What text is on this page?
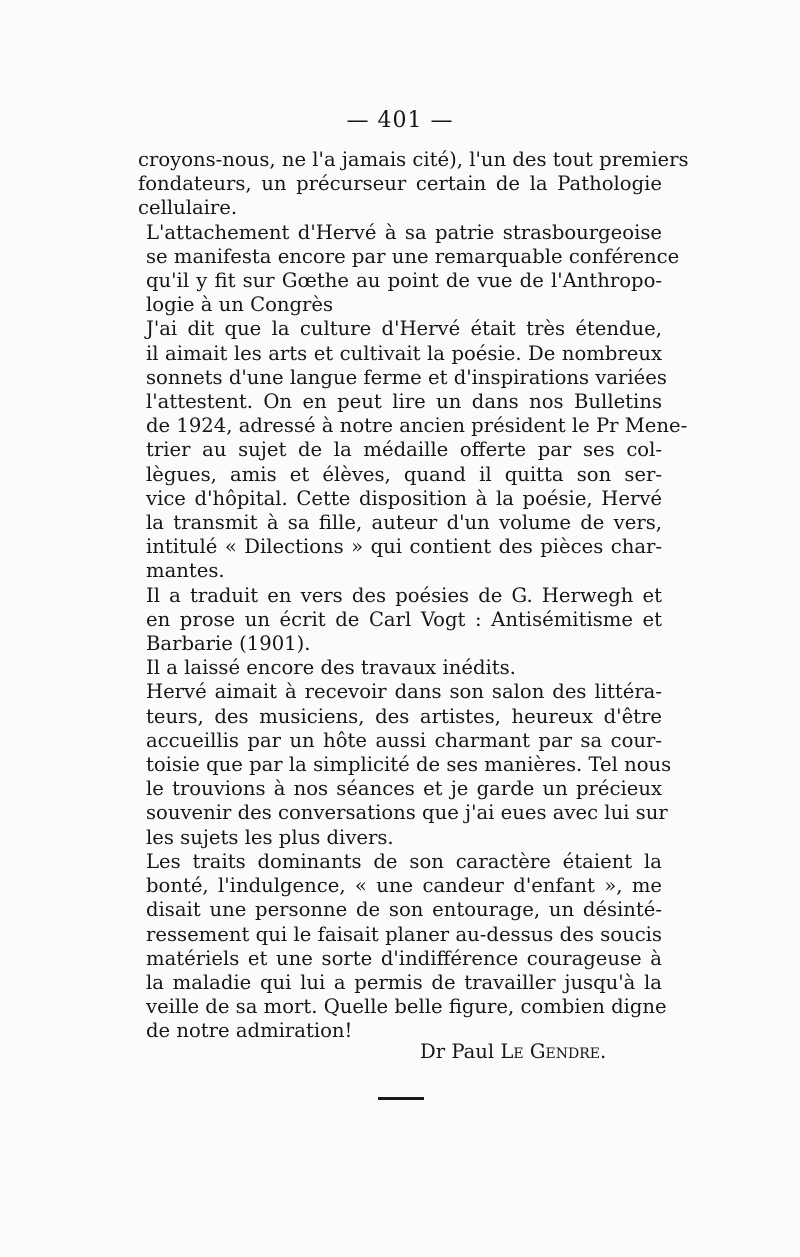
— 401 —

croyons-nous, ne l'a jamais cité), l'un des tout premiers
fondateurs, un précurseur certain de la Pathologie
cellulaire.

L'attachement d'Hervé à sa patrie strasbourgeoise
se manifesta encore par une remarquable conférence
qu'il y fit sur Gœthe au point de vue de l'Anthropo-
logie à un Congrès

J'ai dit que la culture d'Hervé était très étendue,
il aimait les arts et cultivait la poésie. De nombreux
sonnets d'une langue ferme et d'inspirations variées
l'attestent. On en peut lire un dans nos Bulletins
de 1924, adressé à notre ancien président le Pr Mene-
trier au sujet de la médaille offerte par ses col-
lègues, amis et élèves, quand il quitta son ser-
vice d'hôpital. Cette disposition à la poésie, Hervé
la transmit à sa fille, auteur d'un volume de vers,
intitulé « Dilections » qui contient des pièces char-
mantes.

Il a traduit en vers des poésies de G. Herwegh et
en prose un écrit de Carl Vogt : Antisémitisme et
Barbarie (1901).

Il a laissé encore des travaux inédits.

Hervé aimait à recevoir dans son salon des littéra-
teurs, des musiciens, des artistes, heureux d'être
accueillis par un hôte aussi charmant par sa cour-
toisie que par la simplicité de ses manières. Tel nous
le trouvions à nos séances et je garde un précieux
souvenir des conversations que j'ai eues avec lui sur
les sujets les plus divers.

Les traits dominants de son caractère étaient la
bonté, l'indulgence, « une candeur d'enfant », me
disait une personne de son entourage, un désinté-
ressement qui le faisait planer au-dessus des soucis
matériels et une sorte d'indifférence courageuse à
la maladie qui lui a permis de travailler jusqu'à la
veille de sa mort. Quelle belle figure, combien digne
de notre admiration!

Dr Paul Le Gendre.
